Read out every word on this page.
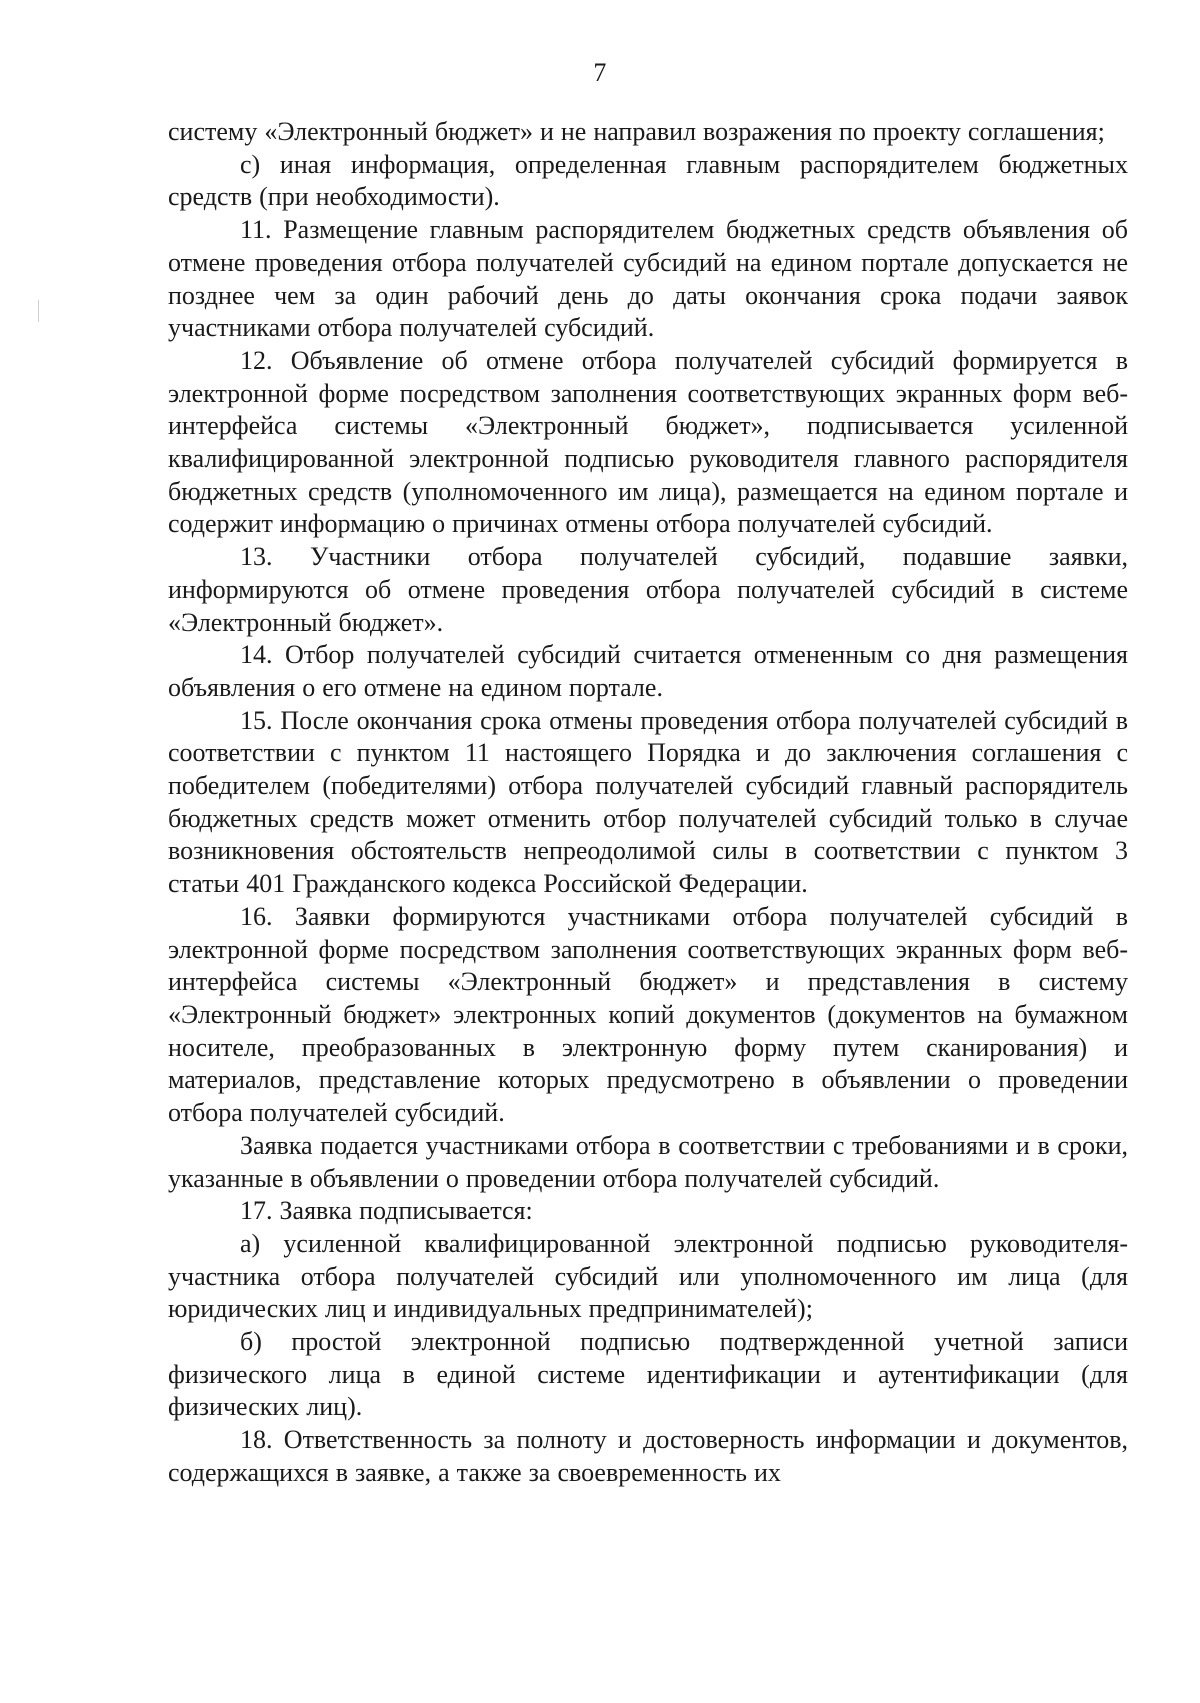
7

систему «Электронный бюджет» и не направил возражения по проекту соглашения;

с) иная информация, определенная главным распорядителем бюджетных средств (при необходимости).

11. Размещение главным распорядителем бюджетных средств объявления об отмене проведения отбора получателей субсидий на едином портале допускается не позднее чем за один рабочий день до даты окончания срока подачи заявок участниками отбора получателей субсидий.

12. Объявление об отмене отбора получателей субсидий формируется в электронной форме посредством заполнения соответствующих экранных форм веб-интерфейса системы «Электронный бюджет», подписывается усиленной квалифицированной электронной подписью руководителя главного распорядителя бюджетных средств (уполномоченного им лица), размещается на едином портале и содержит информацию о причинах отмены отбора получателей субсидий.

13. Участники отбора получателей субсидий, подавшие заявки, информируются об отмене проведения отбора получателей субсидий в системе «Электронный бюджет».

14. Отбор получателей субсидий считается отмененным со дня размещения объявления о его отмене на едином портале.

15. После окончания срока отмены проведения отбора получателей субсидий в соответствии с пунктом 11 настоящего Порядка и до заключения соглашения с победителем (победителями) отбора получателей субсидий главный распорядитель бюджетных средств может отменить отбор получателей субсидий только в случае возникновения обстоятельств непреодолимой силы в соответствии с пунктом 3 статьи 401 Гражданского кодекса Российской Федерации.

16. Заявки формируются участниками отбора получателей субсидий в электронной форме посредством заполнения соответствующих экранных форм веб-интерфейса системы «Электронный бюджет» и представления в систему «Электронный бюджет» электронных копий документов (документов на бумажном носителе, преобразованных в электронную форму путем сканирования) и материалов, представление которых предусмотрено в объявлении о проведении отбора получателей субсидий.

Заявка подается участниками отбора в соответствии с требованиями и в сроки, указанные в объявлении о проведении отбора получателей субсидий.

17. Заявка подписывается:

а) усиленной квалифицированной электронной подписью руководителя-участника отбора получателей субсидий или уполномоченного им лица (для юридических лиц и индивидуальных предпринимателей);

б) простой электронной подписью подтвержденной учетной записи физического лица в единой системе идентификации и аутентификации (для физических лиц).

18. Ответственность за полноту и достоверность информации и документов, содержащихся в заявке, а также за своевременность их
